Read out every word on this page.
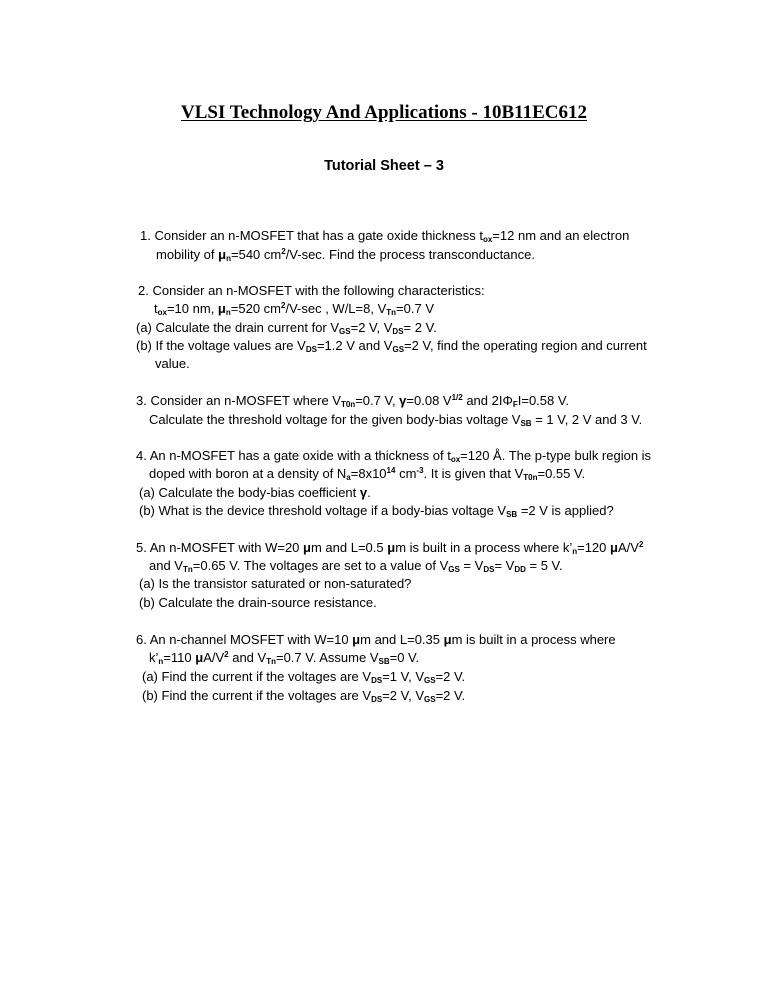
VLSI Technology And Applications - 10B11EC612
Tutorial Sheet – 3
1. Consider an n-MOSFET that has a gate oxide thickness $t_{ox}=12$ nm and an electron
mobility of $\mu_n=540$ $cm^2/V-\sec$. Find the process transconductance.
2. Consider an n-MOSFET with the following characteristics:
$t_{ox}=10$ nm, $\mu_n=520$ $cm^2/V-\sec$ , W/L=8, $V_{Tn}=0.7$ V
(a) Calculate the drain current for $V_{GS}=2$ V, $V_{DS}= 2$ V.
(b) If the voltage values are $V_{DS}=1.2$ V and $V_{GS}=2$ V, find the operating region and current
value.
3. Consider an n-MOSFET where $V_{T0n}=0.7$ V, γ=0.08 $V^{1/2}$ and $2I\Phi_FI=0.58$ V.
Calculate the threshold voltage for the given body-bias voltage $V_{SB} = 1$ V, 2 V and 3 V.
4. An n-MOSFET has a gate oxide with a thickness of $t_{ox}=120$ Å. The p-type bulk region is
doped with boron at a density of $N_a=8x10^{14}$ $cm^{-3}$. It is given that $V_{T0n}=0.55$ V.
(a) Calculate the body-bias coefficient γ.
(b) What is the device threshold voltage if a body-bias voltage $V_{SB} =2$ V is applied?
5. An n-MOSFET with W=20 μm and L=0.5 μm is built in a process where $k’_n=120$ $\mu A/V^2$
and $V_{Tn}=0.65$ V. The voltages are set to a value of $V_{GS} = V_{DS}= V_{DD} = 5$ V.
(a) Is the transistor saturated or non-saturated?
(b) Calculate the drain-source resistance.
6. An n-channel MOSFET with W=10 μm and L=0.35 μm is built in a process where
$k’_n=110$ $\mu A/V^2$ and $V_{Tn}=0.7$ V. Assume $V_{SB}=0$ V.
(a) Find the current if the voltages are $V_{DS}=1$ V, $V_{GS}=2$ V.
(b) Find the current if the voltages are $V_{DS}=2$ V, $V_{GS}=2$ V.
